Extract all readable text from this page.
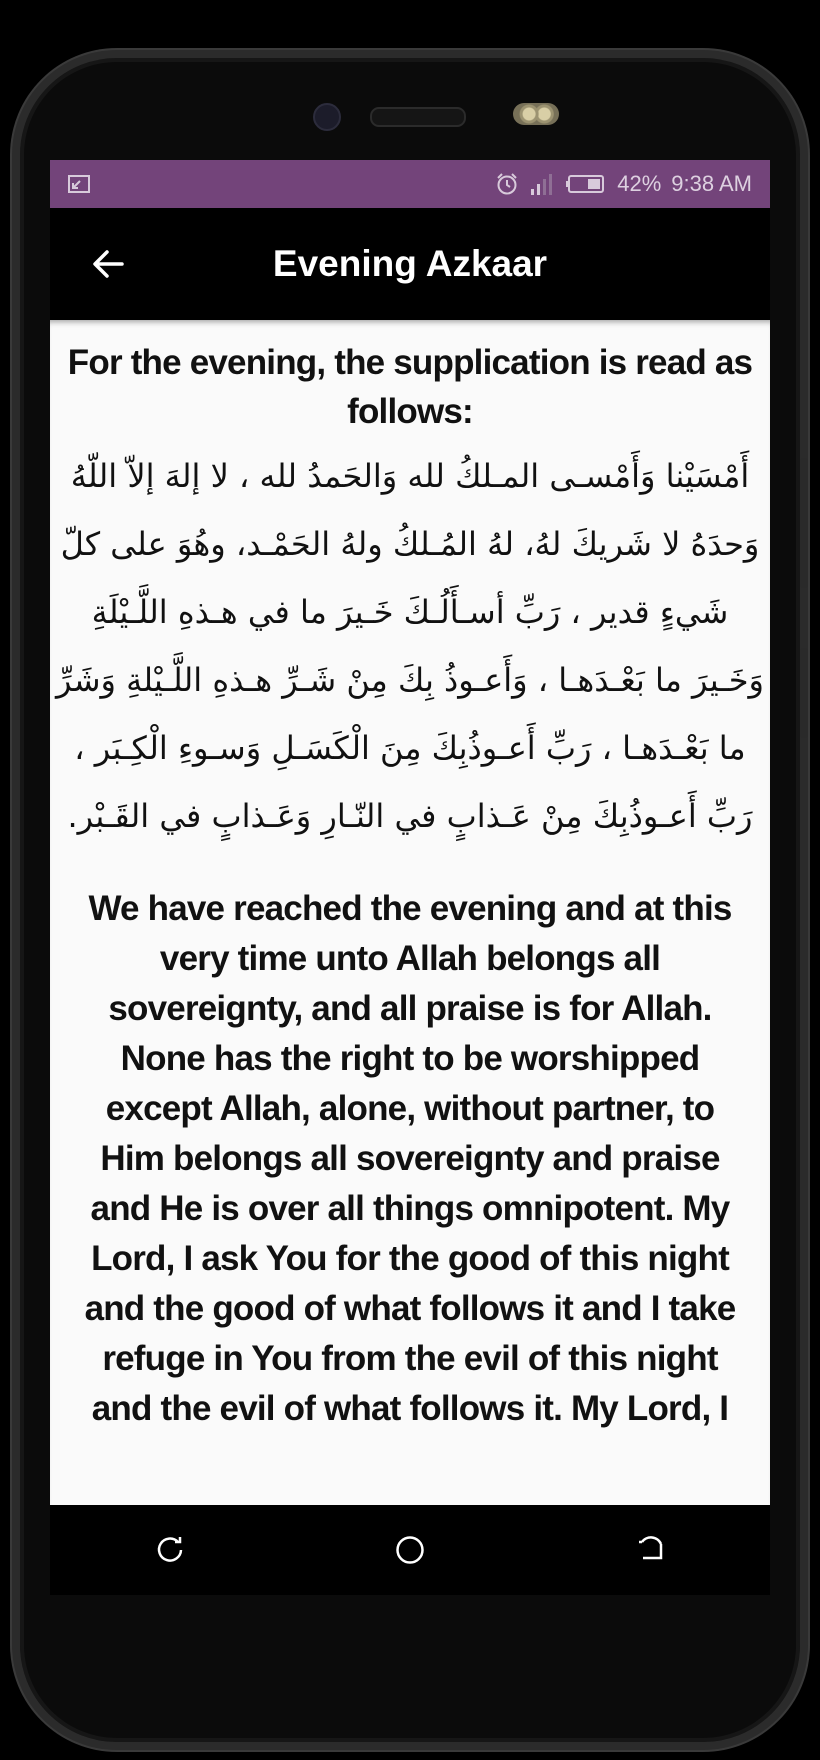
42% 9:38 AM
Evening Azkaar
For the evening, the supplication is read as follows:
أَمْسَيْنا وَأَمْسـى المـلكُ لله وَالحَمدُ لله ، لا إلهَ إلاّ اللّهُ وَحدَهُ لا شَريكَ لهُ، لهُ المُـلكُ ولهُ الحَمْـد، وهُوَ على كلّ شَيءٍ قدير ، رَبِّ أسـأَلُـكَ خَـيرَ ما في هـذهِ اللَّـيْلَةِ وَخَـيرَ ما بَعْـدَهـا ، وَأَعـوذُ بِكَ مِنْ شَـرِّ هـذهِ اللَّـيْلةِ وَشَرِّ ما بَعْـدَهـا ، رَبِّ أَعـوذُبِكَ مِنَ الْكَسَـلِ وَسـوءِ الْكِـبَر ، رَبِّ أَعـوذُبِكَ مِنْ عَـذابٍ في النّـارِ وَعَـذابٍ في القَـبْر.
We have reached the evening and at this very time unto Allah belongs all sovereignty, and all praise is for Allah. None has the right to be worshipped except Allah, alone, without partner, to Him belongs all sovereignty and praise and He is over all things omnipotent. My Lord, I ask You for the good of this night and the good of what follows it and I take refuge in You from the evil of this night and the evil of what follows it. My Lord, I
